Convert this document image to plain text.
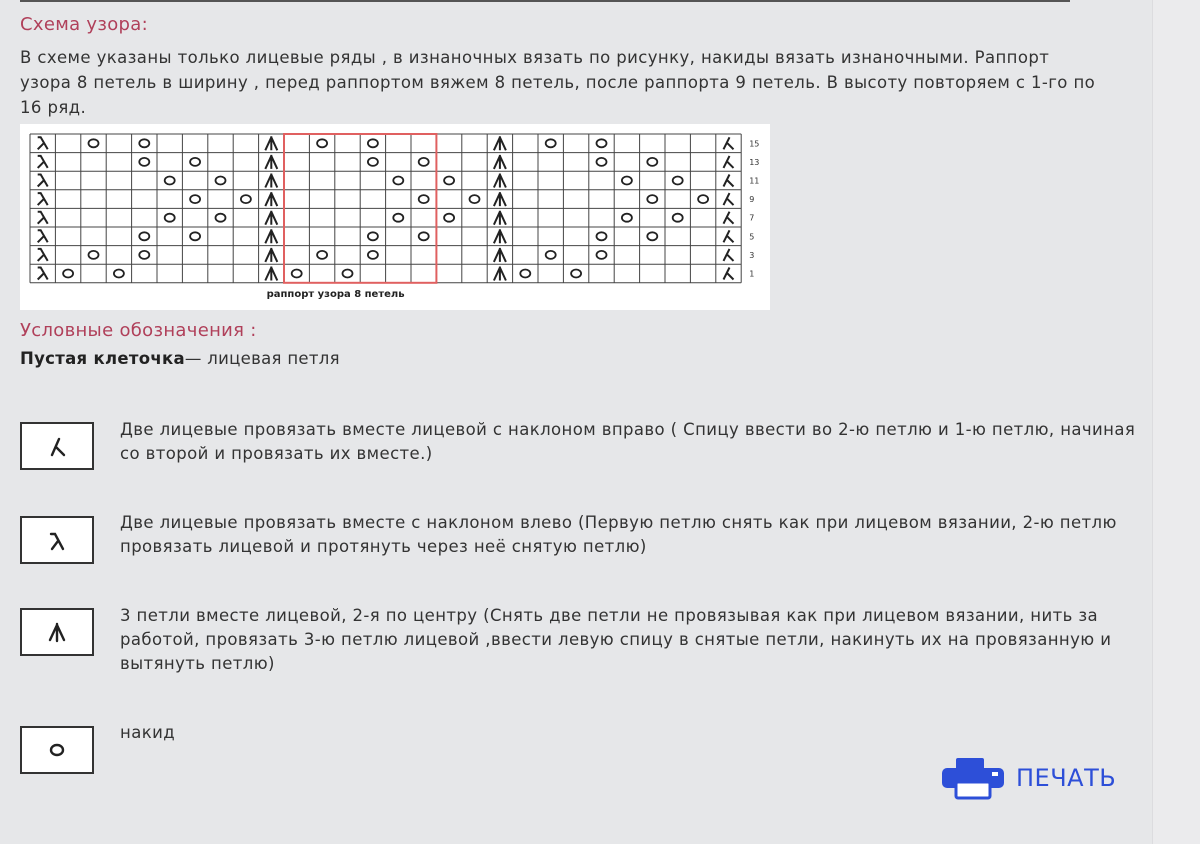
Схема узора:
В схеме указаны только лицевые ряды , в изнаночных вязать по рисунку, накиды вязать изнаночными. Раппорт узора 8 петель в ширину , перед раппортом вяжем 8 петель, после раппорта 9 петель. В высоту повторяем с 1-го по 16 ряд.
15
13
11
9
7
5
3
1
раппорт узора 8 петель
Условные обозначения :
Пустая клеточка— лицевая петля
Две лицевые провязать вместе лицевой с наклоном вправо ( Спицу ввести во 2-ю петлю и 1-ю петлю, начиная со второй и провязать их вместе.)
Две лицевые провязать вместе с наклоном влево (Первую петлю снять как при лицевом вязании, 2-ю петлю провязать лицевой и протянуть через неё снятую петлю)
3 петли вместе лицевой, 2-я по центру (Снять две петли не провязывая как при лицевом вязании, нить за работой, провязать 3-ю петлю лицевой ,ввести левую спицу в снятые петли, накинуть их на провязанную и вытянуть петлю)
накид
ПЕЧАТЬ
